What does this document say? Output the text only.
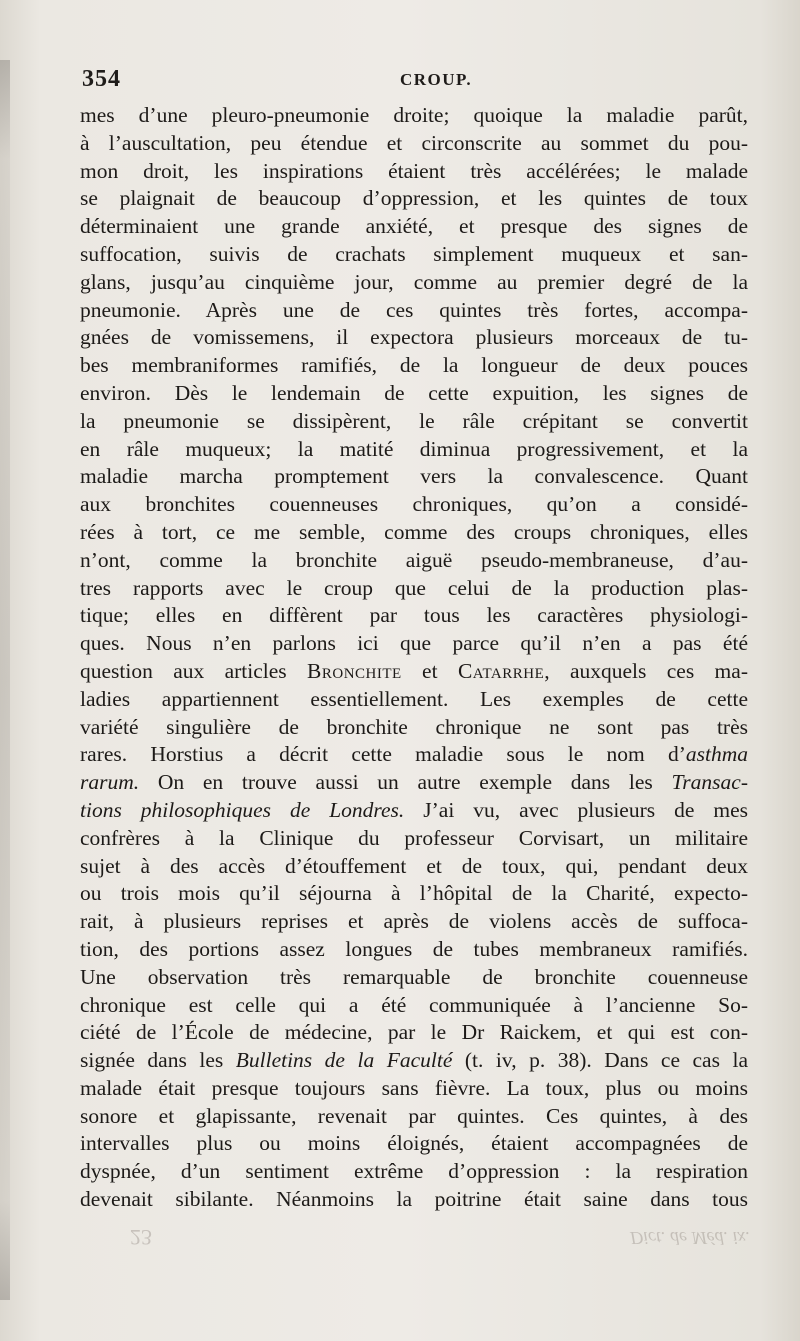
354	CROUP.
mes d’une pleuro-pneumonie droite; quoique la maladie parût,
à l’auscultation, peu étendue et circonscrite au sommet du pou-
mon droit, les inspirations étaient très accélérées; le malade
se plaignait de beaucoup d’oppression, et les quintes de toux
déterminaient une grande anxiété, et presque des signes de
suffocation, suivis de crachats simplement muqueux et san-
glans, jusqu’au cinquième jour, comme au premier degré de la
pneumonie. Après une de ces quintes très fortes, accompa-
gnées de vomissemens, il expectora plusieurs morceaux de tu-
bes membraniformes ramifiés, de la longueur de deux pouces
environ. Dès le lendemain de cette expuition, les signes de
la pneumonie se dissipèrent, le râle crépitant se convertit
en râle muqueux; la matité diminua progressivement, et la
maladie marcha promptement vers la convalescence. Quant
aux bronchites couenneuses chroniques, qu’on a considé-
rées à tort, ce me semble, comme des croups chroniques, elles
n’ont, comme la bronchite aiguë pseudo-membraneuse, d’au-
tres rapports avec le croup que celui de la production plas-
tique; elles en diffèrent par tous les caractères physiologi-
ques. Nous n’en parlons ici que parce qu’il n’en a pas été
question aux articles Bronchite et Catarrhe, auxquels ces ma-
ladies appartiennent essentiellement. Les exemples de cette
variété singulière de bronchite chronique ne sont pas très
rares. Horstius a décrit cette maladie sous le nom d’asthma
rarum. On en trouve aussi un autre exemple dans les Transac-
tions philosophiques de Londres. J’ai vu, avec plusieurs de mes
confrères à la Clinique du professeur Corvisart, un militaire
sujet à des accès d’étouffement et de toux, qui, pendant deux
ou trois mois qu’il séjourna à l’hôpital de la Charité, expecto-
rait, à plusieurs reprises et après de violens accès de suffoca-
tion, des portions assez longues de tubes membraneux ramifiés.
Une observation très remarquable de bronchite couenneuse
chronique est celle qui a été communiquée à l’ancienne So-
ciété de l’École de médecine, par le Dr Raickem, et qui est con-
signée dans les Bulletins de la Faculté (t. iv, p. 38). Dans ce cas la
malade était presque toujours sans fièvre. La toux, plus ou moins
sonore et glapissante, revenait par quintes. Ces quintes, à des
intervalles plus ou moins éloignés, étaient accompagnées de
dyspnée, d’un sentiment extrême d’oppression : la respiration
devenait sibilante. Néanmoins la poitrine était saine dans tous
23	Dict. de Méd. ix.
